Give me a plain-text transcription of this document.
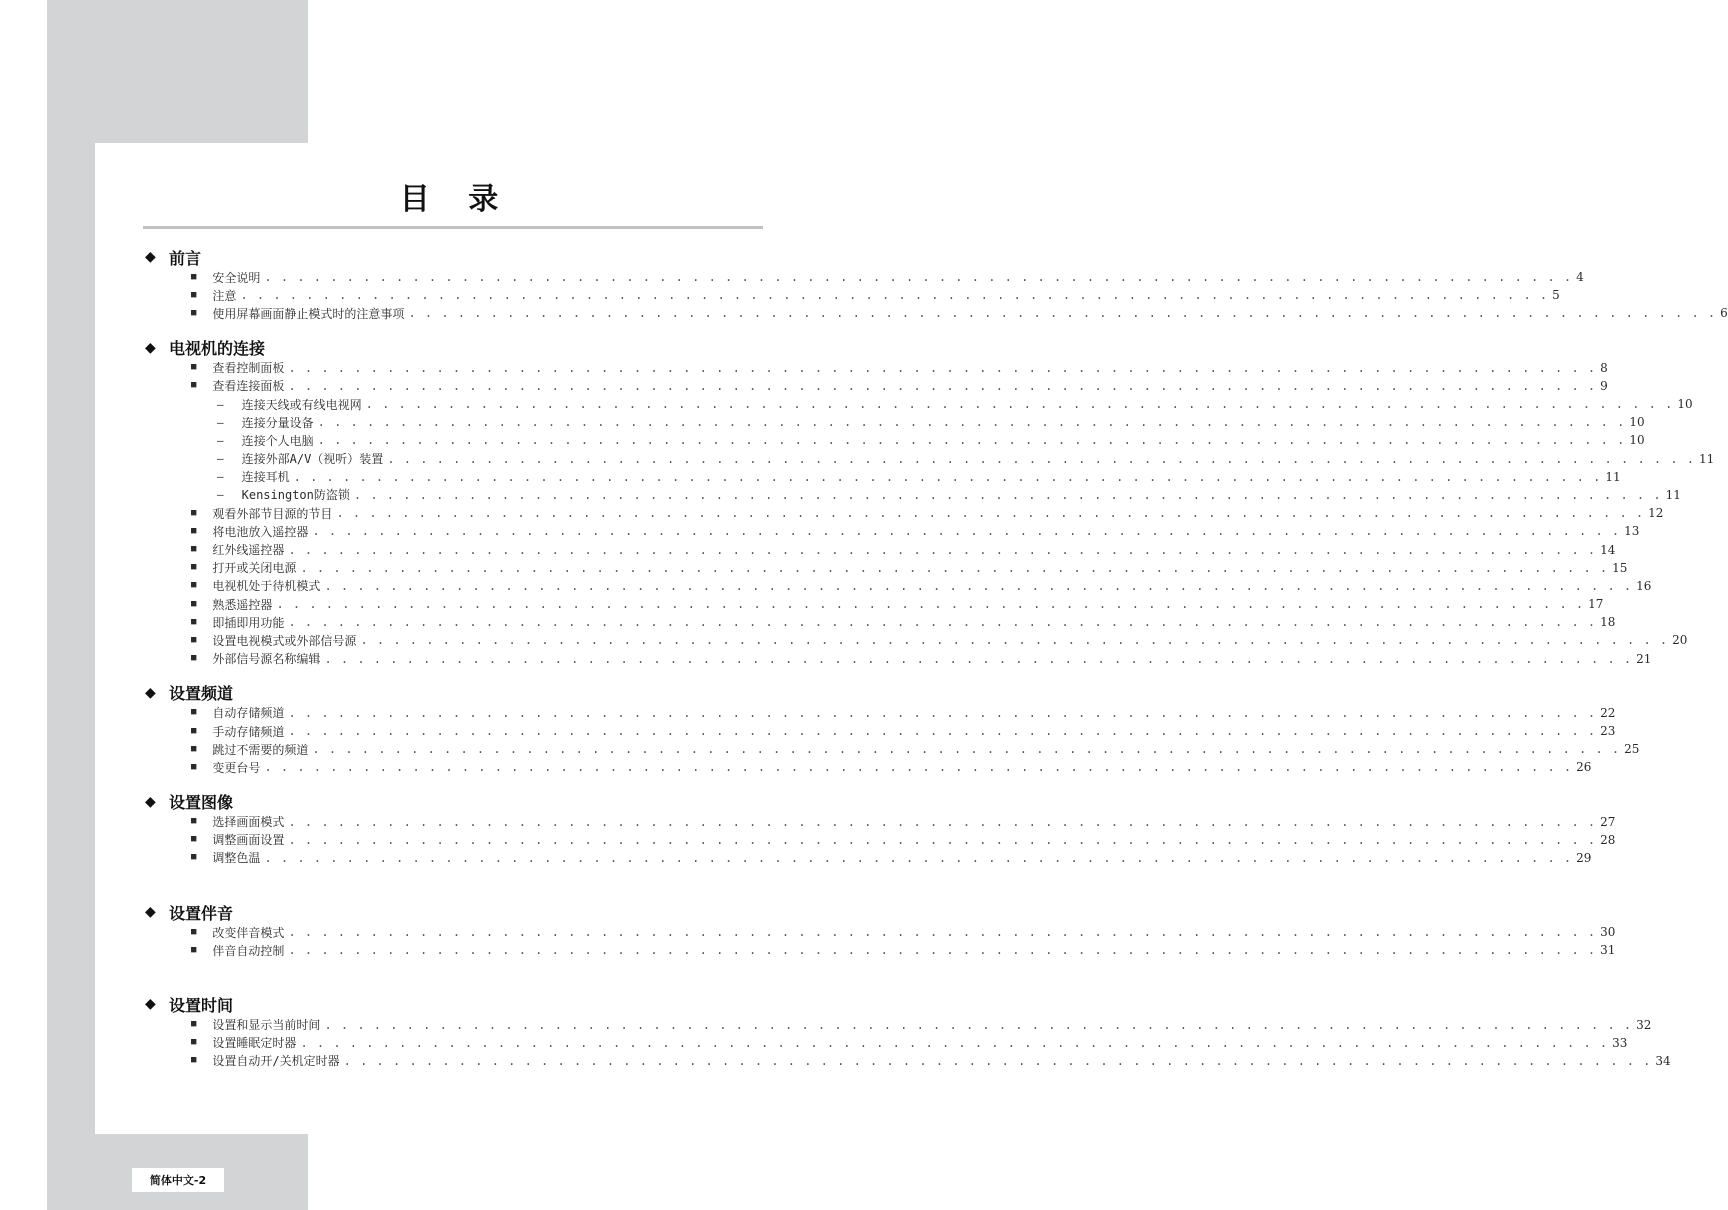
目 录
◆ 前言
■ 安全说明 . . . . . . . . . . . . . . . . . . . . . . . . . . . . . . . . . . . . . . . . . . . . . . . . . . . . . . . . . . . . . . . . . . . . . . . . . . . . . . . . 4
■ 注意 . . . . . . . . . . . . . . . . . . . . . . . . . . . . . . . . . . . . . . . . . . . . . . . . . . . . . . . . . . . . . . . . . . . . . . . . . . . . . . . . 5
■ 使用屏幕画面静止模式时的注意事项 . . . . . . . . . . . . . . . . . . . . . . . . . . . . . . . . . . . . . . . . . . . . . . . . . . . . . . . . . . . . . . . . . . . . . . . . . . . . . . . . 6
◆ 电视机的连接
■ 查看控制面板 . . . . . . . . . . . . . . . . . . . . . . . . . . . . . . . . . . . . . . . . . . . . . . . . . . . . . . . . . . . . . . . . . . . . . . . . . . . . . . . . 8
■ 查看连接面板 . . . . . . . . . . . . . . . . . . . . . . . . . . . . . . . . . . . . . . . . . . . . . . . . . . . . . . . . . . . . . . . . . . . . . . . . . . . . . . . . 9
— 连接天线或有线电视网 . . . . . . . . . . . . . . . . . . . . . . . . . . . . . . . . . . . . . . . . . . . . . . . . . . . . . . . . . . . . . . . . . . . . . . . . . . . . . . . . 10
— 连接分量设备 . . . . . . . . . . . . . . . . . . . . . . . . . . . . . . . . . . . . . . . . . . . . . . . . . . . . . . . . . . . . . . . . . . . . . . . . . . . . . . . . 10
— 连接个人电脑 . . . . . . . . . . . . . . . . . . . . . . . . . . . . . . . . . . . . . . . . . . . . . . . . . . . . . . . . . . . . . . . . . . . . . . . . . . . . . . . . 10
— 连接外部A/V（视听）装置 . . . . . . . . . . . . . . . . . . . . . . . . . . . . . . . . . . . . . . . . . . . . . . . . . . . . . . . . . . . . . . . . . . . . . . . . . . . . . . . . 11
— 连接耳机 . . . . . . . . . . . . . . . . . . . . . . . . . . . . . . . . . . . . . . . . . . . . . . . . . . . . . . . . . . . . . . . . . . . . . . . . . . . . . . . . 11
— Kensington防盗锁 . . . . . . . . . . . . . . . . . . . . . . . . . . . . . . . . . . . . . . . . . . . . . . . . . . . . . . . . . . . . . . . . . . . . . . . . . . . . . . . . 11
■ 观看外部节目源的节目 . . . . . . . . . . . . . . . . . . . . . . . . . . . . . . . . . . . . . . . . . . . . . . . . . . . . . . . . . . . . . . . . . . . . . . . . . . . . . . . . 12
■ 将电池放入遥控器 . . . . . . . . . . . . . . . . . . . . . . . . . . . . . . . . . . . . . . . . . . . . . . . . . . . . . . . . . . . . . . . . . . . . . . . . . . . . . . . . 13
■ 红外线遥控器 . . . . . . . . . . . . . . . . . . . . . . . . . . . . . . . . . . . . . . . . . . . . . . . . . . . . . . . . . . . . . . . . . . . . . . . . . . . . . . . . 14
■ 打开或关闭电源 . . . . . . . . . . . . . . . . . . . . . . . . . . . . . . . . . . . . . . . . . . . . . . . . . . . . . . . . . . . . . . . . . . . . . . . . . . . . . . . . 15
■ 电视机处于待机模式 . . . . . . . . . . . . . . . . . . . . . . . . . . . . . . . . . . . . . . . . . . . . . . . . . . . . . . . . . . . . . . . . . . . . . . . . . . . . . . . . 16
■ 熟悉遥控器 . . . . . . . . . . . . . . . . . . . . . . . . . . . . . . . . . . . . . . . . . . . . . . . . . . . . . . . . . . . . . . . . . . . . . . . . . . . . . . . . 17
■ 即插即用功能 . . . . . . . . . . . . . . . . . . . . . . . . . . . . . . . . . . . . . . . . . . . . . . . . . . . . . . . . . . . . . . . . . . . . . . . . . . . . . . . . 18
■ 设置电视模式或外部信号源 . . . . . . . . . . . . . . . . . . . . . . . . . . . . . . . . . . . . . . . . . . . . . . . . . . . . . . . . . . . . . . . . . . . . . . . . . . . . . . . . 20
■ 外部信号源名称编辑 . . . . . . . . . . . . . . . . . . . . . . . . . . . . . . . . . . . . . . . . . . . . . . . . . . . . . . . . . . . . . . . . . . . . . . . . . . . . . . . . 21
◆ 设置频道
■ 自动存储频道 . . . . . . . . . . . . . . . . . . . . . . . . . . . . . . . . . . . . . . . . . . . . . . . . . . . . . . . . . . . . . . . . . . . . . . . . . . . . . . . . 22
■ 手动存储频道 . . . . . . . . . . . . . . . . . . . . . . . . . . . . . . . . . . . . . . . . . . . . . . . . . . . . . . . . . . . . . . . . . . . . . . . . . . . . . . . . 23
■ 跳过不需要的频道 . . . . . . . . . . . . . . . . . . . . . . . . . . . . . . . . . . . . . . . . . . . . . . . . . . . . . . . . . . . . . . . . . . . . . . . . . . . . . . . . 25
■ 变更台号 . . . . . . . . . . . . . . . . . . . . . . . . . . . . . . . . . . . . . . . . . . . . . . . . . . . . . . . . . . . . . . . . . . . . . . . . . . . . . . . . 26
◆ 设置图像
■ 选择画面模式 . . . . . . . . . . . . . . . . . . . . . . . . . . . . . . . . . . . . . . . . . . . . . . . . . . . . . . . . . . . . . . . . . . . . . . . . . . . . . . . . 27
■ 调整画面设置 . . . . . . . . . . . . . . . . . . . . . . . . . . . . . . . . . . . . . . . . . . . . . . . . . . . . . . . . . . . . . . . . . . . . . . . . . . . . . . . . 28
■ 调整色温 . . . . . . . . . . . . . . . . . . . . . . . . . . . . . . . . . . . . . . . . . . . . . . . . . . . . . . . . . . . . . . . . . . . . . . . . . . . . . . . . 29
◆ 设置伴音
■ 改变伴音模式 . . . . . . . . . . . . . . . . . . . . . . . . . . . . . . . . . . . . . . . . . . . . . . . . . . . . . . . . . . . . . . . . . . . . . . . . . . . . . . . . 30
■ 伴音自动控制 . . . . . . . . . . . . . . . . . . . . . . . . . . . . . . . . . . . . . . . . . . . . . . . . . . . . . . . . . . . . . . . . . . . . . . . . . . . . . . . . 31
◆ 设置时间
■ 设置和显示当前时间 . . . . . . . . . . . . . . . . . . . . . . . . . . . . . . . . . . . . . . . . . . . . . . . . . . . . . . . . . . . . . . . . . . . . . . . . . . . . . . . . 32
■ 设置睡眠定时器 . . . . . . . . . . . . . . . . . . . . . . . . . . . . . . . . . . . . . . . . . . . . . . . . . . . . . . . . . . . . . . . . . . . . . . . . . . . . . . . . 33
■ 设置自动开/关机定时器 . . . . . . . . . . . . . . . . . . . . . . . . . . . . . . . . . . . . . . . . . . . . . . . . . . . . . . . . . . . . . . . . . . . . . . . . . . . . . . . . 34
简体中文-2
